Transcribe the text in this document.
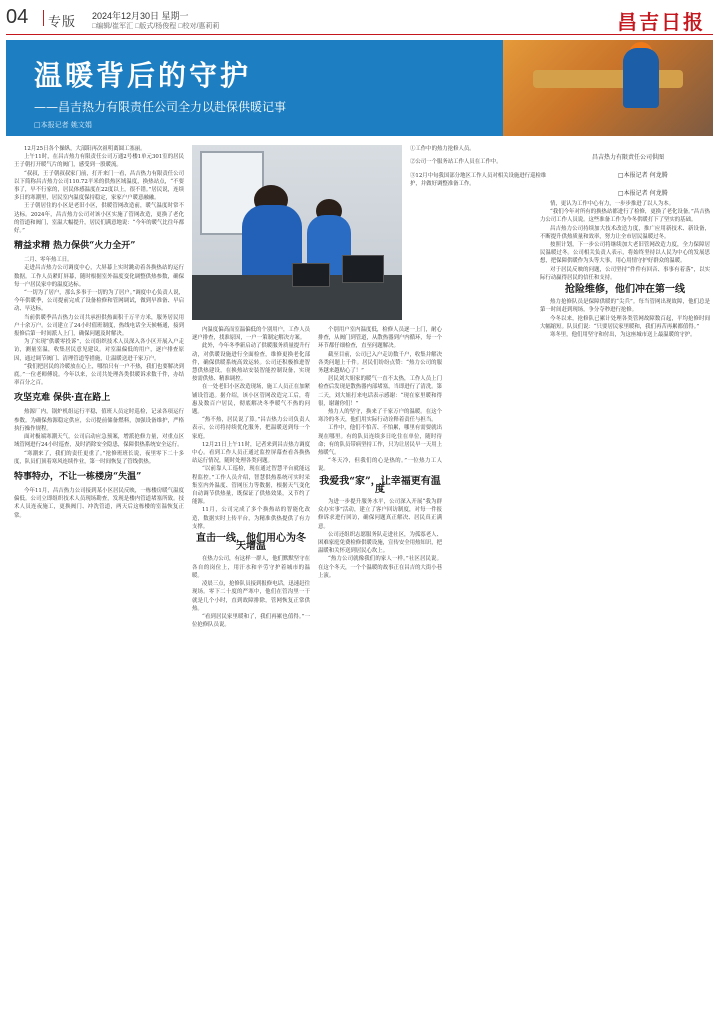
04 专版 2024年12月30日 星期一
□编辑/崔军汇 □版式/杨俊程 □校对/惠莉莉	昌吉日报
温暖背后的守护
——昌吉热力有限责任公司全力以赴保供暖记事
□本报记者 姚文娟

12月25日各个操纵，大部阳再次祖明离圆工塞丽。

上午11时，在昌吉热力有限责任公司万通2号楼1单元301室的居民王子朝打开暖气片的阀门，感受到一股暖流。

“叔叔，王子朝叔叔家门前，打开来门一看，昌吉热力有限责任公司以下简称昌吉热力公司110.72平米的供热区域温度，换热站点，“不要事了，早不行家的，居民体感温度在22度以上，很不错。”居民说，连续多日的寒潮里，居民室内温度保持稳定，家家户户暖意融融。

王子朝居住的小区是老旧小区，供暖管网改造前，暖气温度时常不达标。2024年，昌吉热力公司对该小区实施了管网改造，更换了老化的管道和阀门，室温大幅提升，居民们满意地说：“今年的暖气比往年都好。”

精益求精 热力保供“火力全开”

二月、零年热工日。

走进昌吉热力公司调度中心，大屏幕上实时跳动着各换热站的运行数据。工作人员紧盯屏幕，随时根据室外温度变化调整供热参数，确保每一户居民家中的温度达标。

“一切为了居户，那么多事于一切的为了居户。”调度中心负责人说，今年供暖季，公司提前完成了设备检修和管网调试，做到早准备、早启动、早达标。

当前供暖季昌吉热力公司共承担供热面积千万平方米，服务居民用户十余万户。公司建立了24小时值班制度，热线电话全天候畅通，接到报修后第一时间派人上门，确保问题及时解决。

为了实现“供暖零投诉”，公司组织技术人员深入各小区开展入户走访，测量室温，收集居民意见建议。对室温偏低的用户，逐户排查原因，通过调节阀门、清理管道等措施，让温暖送进千家万户。

“我们把居民的冷暖放在心上，哪怕只有一户不热，我们也要解决到底。”一位老师傅说。今年以来，公司共处理各类供暖诉求数千件，办结率百分之百。

攻坚克难 保供·直在路上

热源厂内，锅炉机组运行平稳，值班人员定时巡检，记录各项运行参数。为确保热源稳定供应，公司提前储备燃料，加强设备维护，严格执行操作规程。

面对极端寒潮天气，公司启动应急预案，增派抢修力量，对重点区域管网进行24小时巡查，及时消除安全隐患，保障供热系统安全运行。

“寒潮来了，我们的责任更重了。”抢修班班长说，夜里零下二十多度，队员们顶着寒风连续作业，第一时间恢复了管线供热。

特事特办，不让一栋楼房“失温”

今年11月，昌吉热力公司接到某小区居民反映，一栋楼房暖气温度偏低。公司立即组织技术人员现场勘查，发现是楼内管道堵塞所致。技术人员连夜施工，更换阀门、冲洗管道，两天后这栋楼的室温恢复正常。

内温度偏高而室温偏低的个别用户，工作人员逐户排查，找准原因，一户一策制定解决方案。

此外，今年冬季新启动了供暖服务质量提升行动，对供暖设施进行全面检查，维修更换老化部件，确保供暖系统高效运转。公司还积极推进智慧供热建设，在换热站安装智能控制设备，实现按需供热、精准调控。

在一处老旧小区改造现场，施工人员正在加紧铺设管道。据介绍，该小区管网改造完工后，将惠及数百户居民，彻底解决冬季暖气不热的问题。

“热不热，居民说了算。”昌吉热力公司负责人表示，公司将持续优化服务，把温暖送到每一个家庭。

12月21日上午11时，记者来到昌吉热力调度中心。看到工作人员正通过监控屏幕查看各换热站运行情况，随时处理各类问题。

“以前靠人工巡检，现在通过智慧平台就能远程监控。”工作人员介绍，智慧供热系统可实时采集室内外温度、管网压力等数据，根据天气变化自动调节供热量，既保证了供热效果，又节约了能源。

11月，公司完成了多个换热站的智能化改造，数据实时上传平台，为精准供热提供了有力支撑。

直击一线，他们用心为冬天增温

在热力公司，有这样一群人，他们默默坚守在各自的岗位上，用汗水和辛劳守护着城市的温暖。

凌晨三点，抢修队员接到报修电话，迅速赶往现场。零下二十度的严寒中，他们在管沟里一干就是几个小时，直到故障排除，管网恢复正常供热。

“看到居民家里暖和了，我们再累也值得。”一位抢修队员说。

个别用户室内温度低，检修人员逐一上门，耐心排查，从阀门到管道，从散热器到户内循环，每一个环节都仔细检查，直至问题解决。

截至目前，公司已入户走访数千户，收集并解决各类问题上千件。居民们纷纷点赞：“热力公司的服务越来越贴心了！”

居民刘大姐家的暖气一直不太热，工作人员上门检查后发现是散热器内部堵塞，当即进行了清洗。第二天，刘大姐打来电话表示感谢：“现在家里暖和得很，谢谢你们！”

热力人的坚守，换来了千家万户的温暖。在这个寒冷的冬天，他们用实际行动诠释着责任与担当。

工作中，他们不怕苦、不怕累，哪里有需要就出现在哪里。有的队员连续多日吃住在单位，随时待命；有的队员带病坚持工作，只为让居民早一天用上热暖气。

“冬天冷，但我们的心是热的。”一位热力工人说。

我爱我“家”，让幸福更有温度

为进一步提升服务水平，公司深入开展“我为群众办实事”活动，建立了客户回访制度，对每一件报修诉求进行回访，确保问题真正解决、居民真正满意。

公司还组织志愿服务队走进社区，为孤寡老人、困难家庭免费检修供暖设施，宣传安全用热知识，把温暖和关怀送到居民心坎上。

“热力公司就像我们的家人一样。”社区居民说。在这个冬天，一个个温暖的故事正在昌吉的大街小巷上演。

①工作中的热力抢修人员。
②公司一个服务站工作人员在工作中。
③12月中旬我国部分地区工作人员对相关设施进行巡检维护，并做好调整准备工作。
昌吉热力有限责任公司供图
□本报记者 何龙腾
□本报记者 何龙腾

情，更认为工作中心有力，一步步推进了以人为本。

“我们今年对所有的换热站都进行了检修，更换了老化设备。”昌吉热力公司工作人员说。这些准备工作为今冬供暖打下了坚实的基础。

昌吉热力公司持续加大技术改造力度，推广应用新技术、新设备，不断提升供热质量和效率，努力让全市居民温暖过冬。

按照计划，下一步公司将继续加大老旧管网改造力度，全力保障居民温暖过冬。公司相关负责人表示，将始终坚持以人民为中心的发展思想，把保障供暖作为头等大事，用心用情守护好群众的温暖。

对于居民反映的问题，公司坚持“件件有回音、事事有着落”，以实际行动赢得居民的信任和支持。

抢险维修，他们冲在第一线

热力抢修队员是保障供暖的“尖兵”。每当管网出现故障，他们总是第一时间赶到现场，争分夺秒进行抢修。

今冬以来，抢修队已累计处理各类管网故障数百起，平均抢修时间大幅缩短。队员们说：“只要居民家里暖和，我们再苦再累都值得。”

寒冬里，他们用坚守和付出，为这座城市送上最温暖的守护。
